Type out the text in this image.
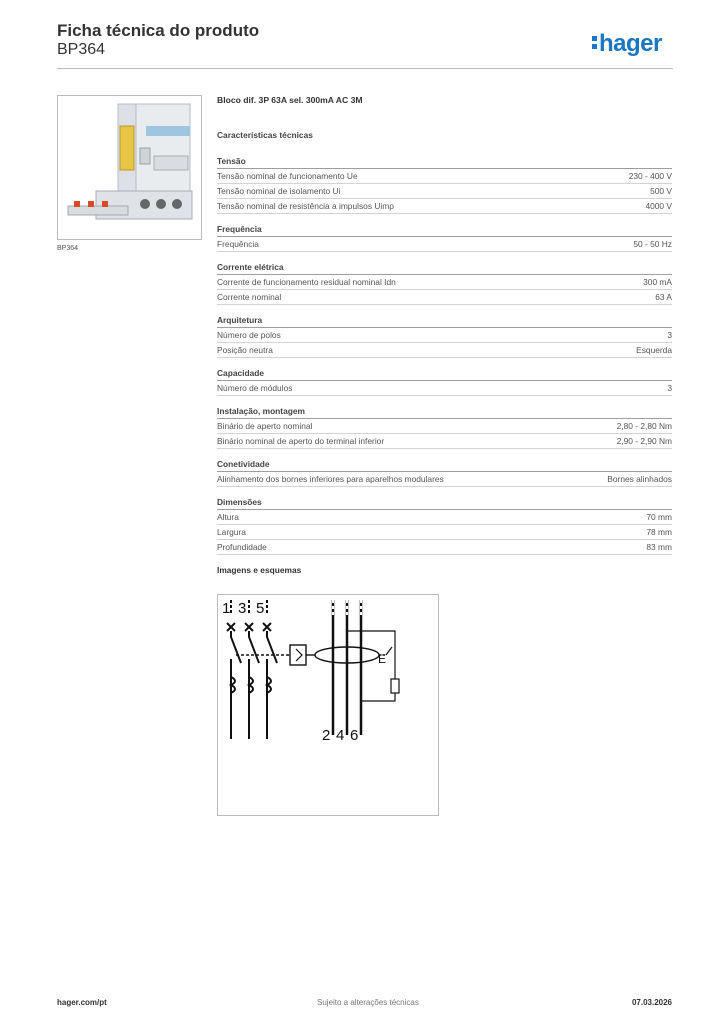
Ficha técnica do produto
BP364	hager
BP364
Bloco dif. 3P 63A sel. 300mA AC 3M
Características técnicas
Tensão
Tensão nominal de funcionamento Ue	230 - 400 V
Tensão nominal de isolamento Ui	500 V
Tensão nominal de resistência a impulsos Uimp	4000 V
Frequência
Frequência	50 - 50 Hz
Corrente elétrica
Corrente de funcionamento residual nominal Idn	300 mA
Corrente nominal	63 A
Arquitetura
Número de polos	3
Posição neutra	Esquerda
Capacidade
Número de módulos	3
Instalação, montagem
Binário de aperto nominal	2,80 - 2,80 Nm
Binário nominal de aperto do terminal inferior	2,90 - 2,90 Nm
Conetividade
Alinhamento dos bornes inferiores para aparelhos modulares	Bornes alinhados
Dimensões
Altura	70 mm
Largura	78 mm
Profundidade	83 mm
Imagens e esquemas
1 3 5
2 4 6
E
hager.com/pt	Sujeito a alterações técnicas	07.03.2026
